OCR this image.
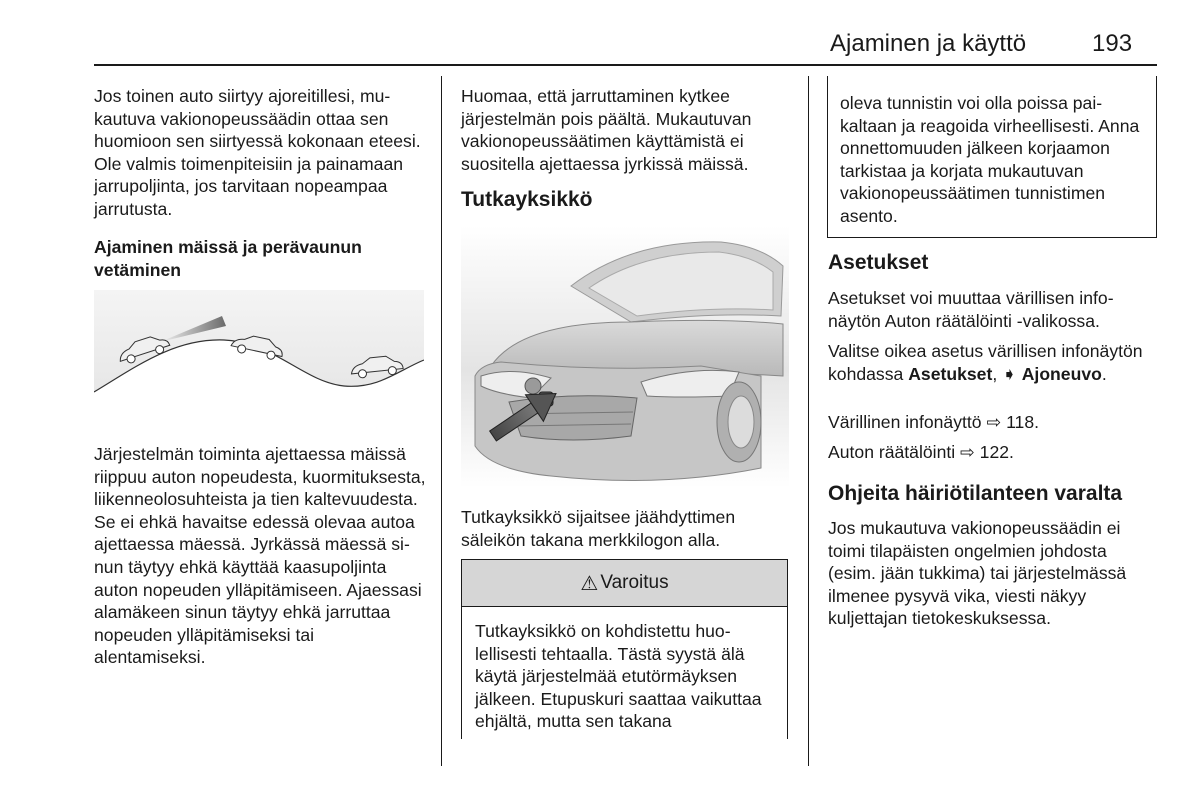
Ajaminen ja käyttö	193

Jos toinen auto siirtyy ajoreitillesi, mukautuva vakionopeussäädin ottaa sen huomioon sen siirtyessä kokonaan eteesi. Ole valmis toimenpiteisiin ja painamaan jarrupoljinta, jos tarvitaan nopeampaa jarrutusta.

Ajaminen mäissä ja perävaunun vetäminen

Järjestelmän toiminta ajettaessa mäissä riippuu auton nopeudesta, kuormituksesta, liikenneolosuhteista ja tien kaltevuudesta. Se ei ehkä havaitse edessä olevaa autoa ajettaessa mäessä. Jyrkässä mäessä sinun täytyy ehkä käyttää kaasupoljinta auton nopeuden ylläpitämiseen. Ajaessasi alamäkeen sinun täytyy ehkä jarruttaa nopeuden ylläpitämiseksi tai alentamiseksi.

Huomaa, että jarruttaminen kytkee järjestelmän pois päältä. Mukautuvan vakionopeussäätimen käyttämistä ei suositella ajettaessa jyrkissä mäissä.

Tutkayksikkö

Tutkayksikkö sijaitsee jäähdyttimen säleikön takana merkkilogon alla.

⚠ Varoitus

Tutkayksikkö on kohdistettu huolellisesti tehtaalla. Tästä syystä älä käytä järjestelmää etutörmäyksen jälkeen. Etupuskuri saattaa vaikuttaa ehjältä, mutta sen takana

oleva tunnistin voi olla poissa paikaltaan ja reagoida virheellisesti. Anna onnettomuuden jälkeen korjaamon tarkistaa ja korjata mukautuvan vakionopeussäätimen tunnistimen asento.

Asetukset

Asetukset voi muuttaa värillisen infonäytön Auton räätälöinti -valikossa.

Valitse oikea asetus värillisen infonäytön kohdassa Asetukset, ➧ Ajoneuvo.

Värillinen infonäyttö ⇨ 118.

Auton räätälöinti ⇨ 122.

Ohjeita häiriötilanteen varalta

Jos mukautuva vakionopeussäädin ei toimi tilapäisten ongelmien johdosta (esim. jään tukkima) tai järjestelmässä ilmenee pysyvä vika, viesti näkyy kuljettajan tietokeskuksessa.
